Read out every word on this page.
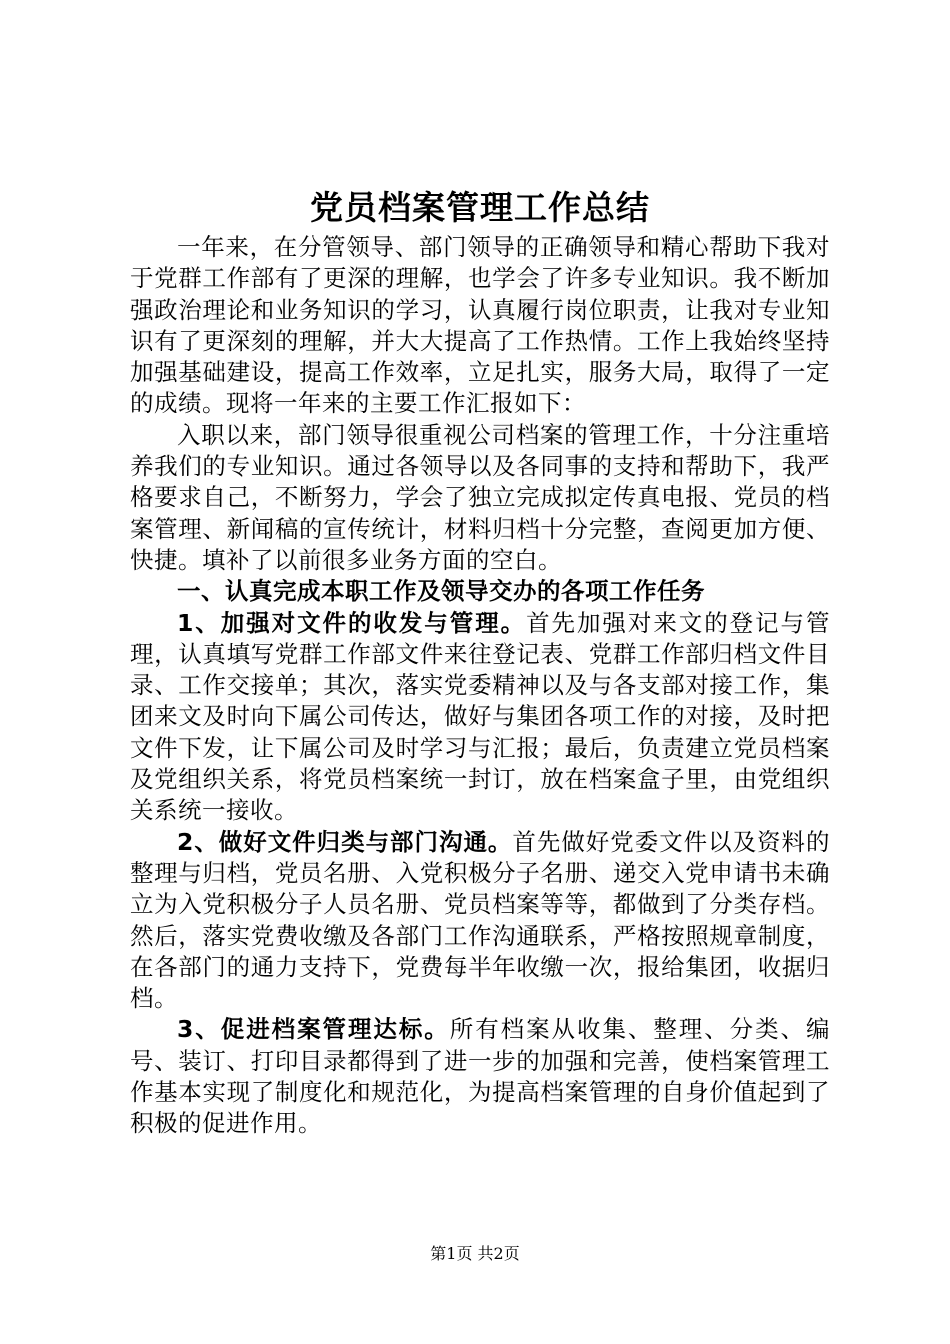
党员档案管理工作总结

一年来，在分管领导、部门领导的正确领导和精心帮助下我对于党群工作部有了更深的理解，也学会了许多专业知识。我不断加强政治理论和业务知识的学习，认真履行岗位职责，让我对专业知识有了更深刻的理解，并大大提高了工作热情。工作上我始终坚持加强基础建设，提高工作效率，立足扎实，服务大局，取得了一定的成绩。现将一年来的主要工作汇报如下：

入职以来，部门领导很重视公司档案的管理工作，十分注重培养我们的专业知识。通过各领导以及各同事的支持和帮助下，我严格要求自己，不断努力，学会了独立完成拟定传真电报、党员的档案管理、新闻稿的宣传统计，材料归档十分完整，查阅更加方便、快捷。填补了以前很多业务方面的空白。

一、认真完成本职工作及领导交办的各项工作任务

1、加强对文件的收发与管理。首先加强对来文的登记与管理，认真填写党群工作部文件来往登记表、党群工作部归档文件目录、工作交接单；其次，落实党委精神以及与各支部对接工作，集团来文及时向下属公司传达，做好与集团各项工作的对接，及时把文件下发，让下属公司及时学习与汇报；最后，负责建立党员档案及党组织关系，将党员档案统一封订，放在档案盒子里，由党组织关系统一接收。

2、做好文件归类与部门沟通。首先做好党委文件以及资料的整理与归档，党员名册、入党积极分子名册、递交入党申请书未确立为入党积极分子人员名册、党员档案等等，都做到了分类存档。然后，落实党费收缴及各部门工作沟通联系，严格按照规章制度，在各部门的通力支持下，党费每半年收缴一次，报给集团，收据归档。

3、促进档案管理达标。所有档案从收集、整理、分类、编号、装订、打印目录都得到了进一步的加强和完善，使档案管理工作基本实现了制度化和规范化，为提高档案管理的自身价值起到了积极的促进作用。

第1页 共2页
